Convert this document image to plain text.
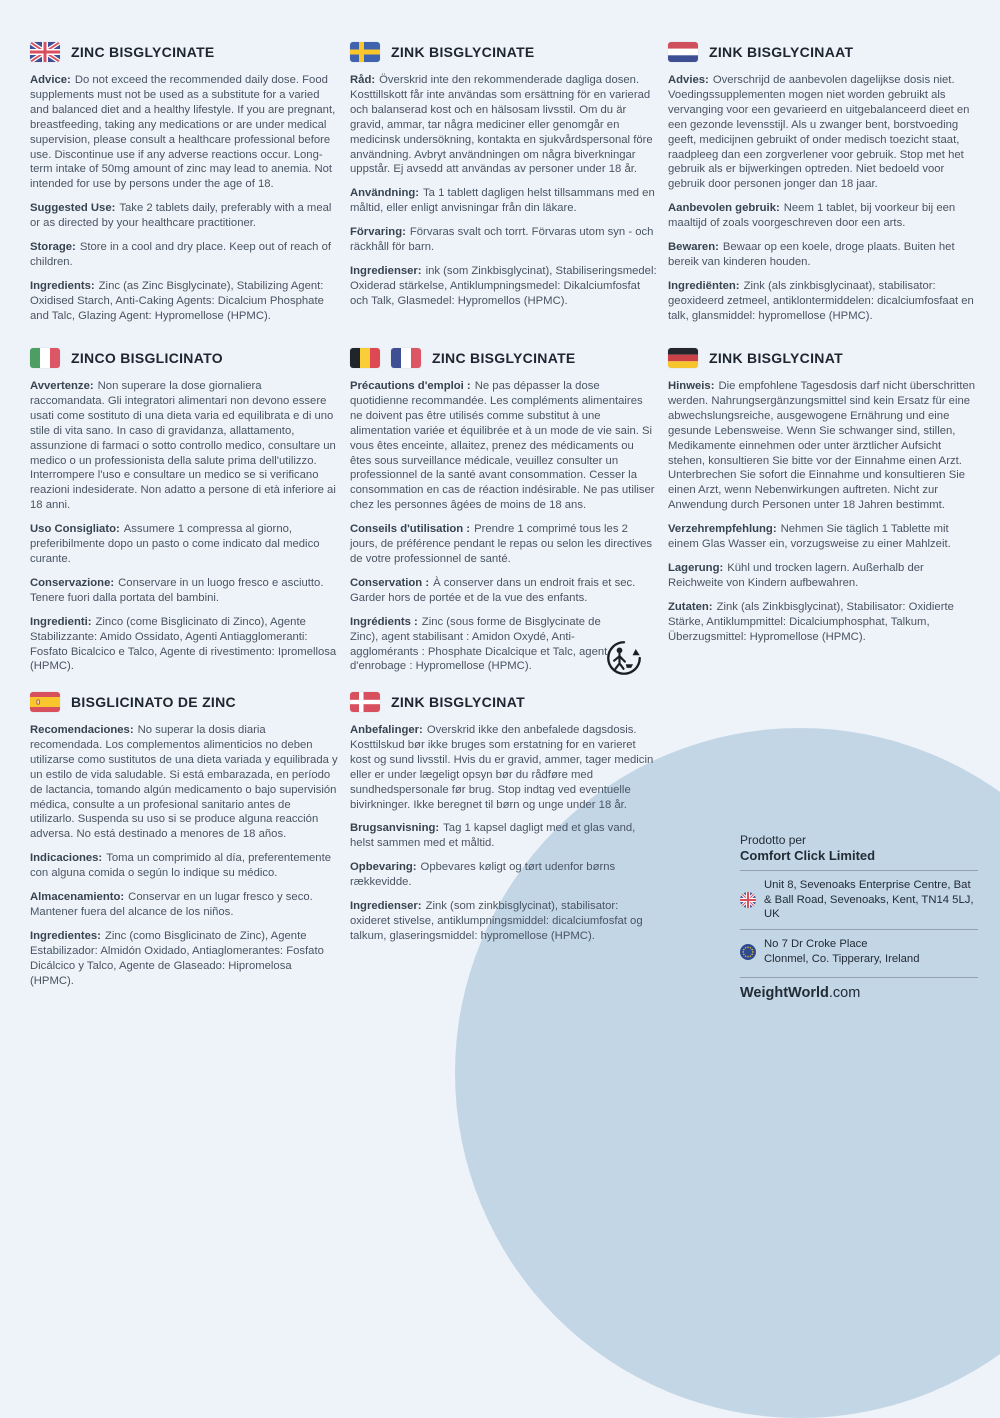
ZINC BISGLYCINATE

Advice: Do not exceed the recommended daily dose. Food supplements must not be used as a substitute for a varied and balanced diet and a healthy lifestyle. If you are pregnant, breastfeeding, taking any medications or are under medical supervision, please consult a healthcare professional before use. Discontinue use if any adverse reactions occur. Long-term intake of 50mg amount of zinc may lead to anemia. Not intended for use by persons under the age of 18.

Suggested Use: Take 2 tablets daily, preferably with a meal or as directed by your healthcare practitioner.

Storage: Store in a cool and dry place. Keep out of reach of children.

Ingredients: Zinc (as Zinc Bisglycinate), Stabilizing Agent: Oxidised Starch, Anti-Caking Agents: Dicalcium Phosphate and Talc, Glazing Agent: Hypromellose (HPMC).

ZINK BISGLYCINATE

Råd: Överskrid inte den rekommenderade dagliga dosen. Kosttillskott får inte användas som ersättning för en varierad och balanserad kost och en hälsosam livsstil. Om du är gravid, ammar, tar några mediciner eller genomgår en medicinsk undersökning, kontakta en sjukvårdspersonal före användning. Avbryt användningen om några biverkningar uppstår. Ej avsedd att användas av personer under 18 år.

Användning: Ta 1 tablett dagligen helst tillsammans med en måltid, eller enligt anvisningar från din läkare.

Förvaring: Förvaras svalt och torrt. Förvaras utom syn - och räckhåll för barn.

Ingredienser: ink (som Zinkbisglycinat), Stabiliseringsmedel: Oxiderad stärkelse, Antiklumpningsmedel: Dikalciumfosfat och Talk, Glasmedel: Hypromellos (HPMC).

ZINK BISGLYCINAAT

Advies: Overschrijd de aanbevolen dagelijkse dosis niet. Voedingssupplementen mogen niet worden gebruikt als vervanging voor een gevarieerd en uitgebalanceerd dieet en een gezonde levensstijl. Als u zwanger bent, borstvoeding geeft, medicijnen gebruikt of onder medisch toezicht staat, raadpleeg dan een zorgverlener voor gebruik. Stop met het gebruik als er bijwerkingen optreden. Niet bedoeld voor gebruik door personen jonger dan 18 jaar.

Aanbevolen gebruik: Neem 1 tablet, bij voorkeur bij een maaltijd of zoals voorgeschreven door een arts.

Bewaren: Bewaar op een koele, droge plaats. Buiten het bereik van kinderen houden.

Ingrediënten: Zink (als zinkbisglycinaat), stabilisator: geoxideerd zetmeel, antiklontermiddelen: dicalciumfosfaat en talk, glansmiddel: hypromellose (HPMC).

ZINCO BISGLICINATO

Avvertenze: Non superare la dose giornaliera raccomandata. Gli integratori alimentari non devono essere usati come sostituto di una dieta varia ed equilibrata e di uno stile di vita sano. In caso di gravidanza, allattamento, assunzione di farmaci o sotto controllo medico, consultare un medico o un professionista della salute prima dell'utilizzo. Interrompere l'uso e consultare un medico se si verificano reazioni indesiderate. Non adatto a persone di età inferiore ai 18 anni.

Uso Consigliato: Assumere 1 compressa al giorno, preferibilmente dopo un pasto o come indicato dal medico curante.

Conservazione: Conservare in un luogo fresco e asciutto. Tenere fuori dalla portata del bambini.

Ingredienti: Zinco (come Bisglicinato di Zinco), Agente Stabilizzante: Amido Ossidato, Agenti Antiagglomeranti: Fosfato Bicalcico e Talco, Agente di rivestimento: Ipromellosa (HPMC).

ZINC BISGLYCINATE

Précautions d'emploi : Ne pas dépasser la dose quotidienne recommandée. Les compléments alimentaires ne doivent pas être utilisés comme substitut à une alimentation variée et équilibrée et à un mode de vie sain. Si vous êtes enceinte, allaitez, prenez des médicaments ou êtes sous surveillance médicale, veuillez consulter un professionnel de la santé avant consommation. Cesser la consommation en cas de réaction indésirable. Ne pas utiliser chez les personnes âgées de moins de 18 ans.

Conseils d'utilisation : Prendre 1 comprimé tous les 2 jours, de préférence pendant le repas ou selon les directives de votre professionnel de santé.

Conservation : À conserver dans un endroit frais et sec. Garder hors de portée et de la vue des enfants.

Ingrédients : Zinc (sous forme de Bisglycinate de Zinc), agent stabilisant : Amidon Oxydé, Anti-agglomérants : Phosphate Dicalcique et Talc, agent d'enrobage : Hypromellose (HPMC).

ZINK BISGLYCINAT

Hinweis: Die empfohlene Tagesdosis darf nicht überschritten werden. Nahrungsergänzungsmittel sind kein Ersatz für eine abwechslungsreiche, ausgewogene Ernährung und eine gesunde Lebensweise. Wenn Sie schwanger sind, stillen, Medikamente einnehmen oder unter ärztlicher Aufsicht stehen, konsultieren Sie bitte vor der Einnahme einen Arzt. Unterbrechen Sie sofort die Einnahme und konsultieren Sie einen Arzt, wenn Nebenwirkungen auftreten. Nicht zur Anwendung durch Personen unter 18 Jahren bestimmt.

Verzehrempfehlung: Nehmen Sie täglich 1 Tablette mit einem Glas Wasser ein, vorzugsweise zu einer Mahlzeit.

Lagerung: Kühl und trocken lagern. Außerhalb der Reichweite von Kindern aufbewahren.

Zutaten: Zink (als Zinkbisglycinat), Stabilisator: Oxidierte Stärke, Antiklumpmittel: Dicalciumphosphat, Talkum, Überzugsmittel: Hypromellose (HPMC).

BISGLICINATO DE ZINC

Recomendaciones: No superar la dosis diaria recomendada. Los complementos alimenticios no deben utilizarse como sustitutos de una dieta variada y equilibrada y un estilo de vida saludable. Si está embarazada, en período de lactancia, tomando algún medicamento o bajo supervisión médica, consulte a un profesional sanitario antes de utilizarlo. Suspenda su uso si se produce alguna reacción adversa. No está destinado a menores de 18 años.

Indicaciones: Toma un comprimido al día, preferentemente con alguna comida o según lo indique su médico.

Almacenamiento: Conservar en un lugar fresco y seco. Mantener fuera del alcance de los niños.

Ingredientes: Zinc (como Bisglicinato de Zinc), Agente Estabilizador: Almidón Oxidado, Antiaglomerantes: Fosfato Dicálcico y Talco, Agente de Glaseado: Hipromelosa (HPMC).

ZINK BISGLYCINAT

Anbefalinger: Overskrid ikke den anbefalede dagsdosis. Kosttilskud bør ikke bruges som erstatning for en varieret kost og sund livsstil. Hvis du er gravid, ammer, tager medicin eller er under lægeligt opsyn bør du rådføre med sundhedspersonale før brug. Stop indtag ved eventuelle bivirkninger. Ikke beregnet til børn og unge under 18 år.

Brugsanvisning: Tag 1 kapsel dagligt med et glas vand, helst sammen med et måltid.

Opbevaring: Opbevares køligt og tørt udenfor børns rækkevidde.

Ingredienser: Zink (som zinkbisglycinat), stabilisator: oxideret stivelse, antiklumpningsmiddel: dicalciumfosfat og talkum, glaseringsmiddel: hypromellose (HPMC).

Prodotto per
Comfort Click Limited
Unit 8, Sevenoaks Enterprise Centre, Bat & Ball Road, Sevenoaks, Kent, TN14 5LJ, UK
No 7 Dr Croke Place
Clonmel, Co. Tipperary, Ireland
WeightWorld.com
